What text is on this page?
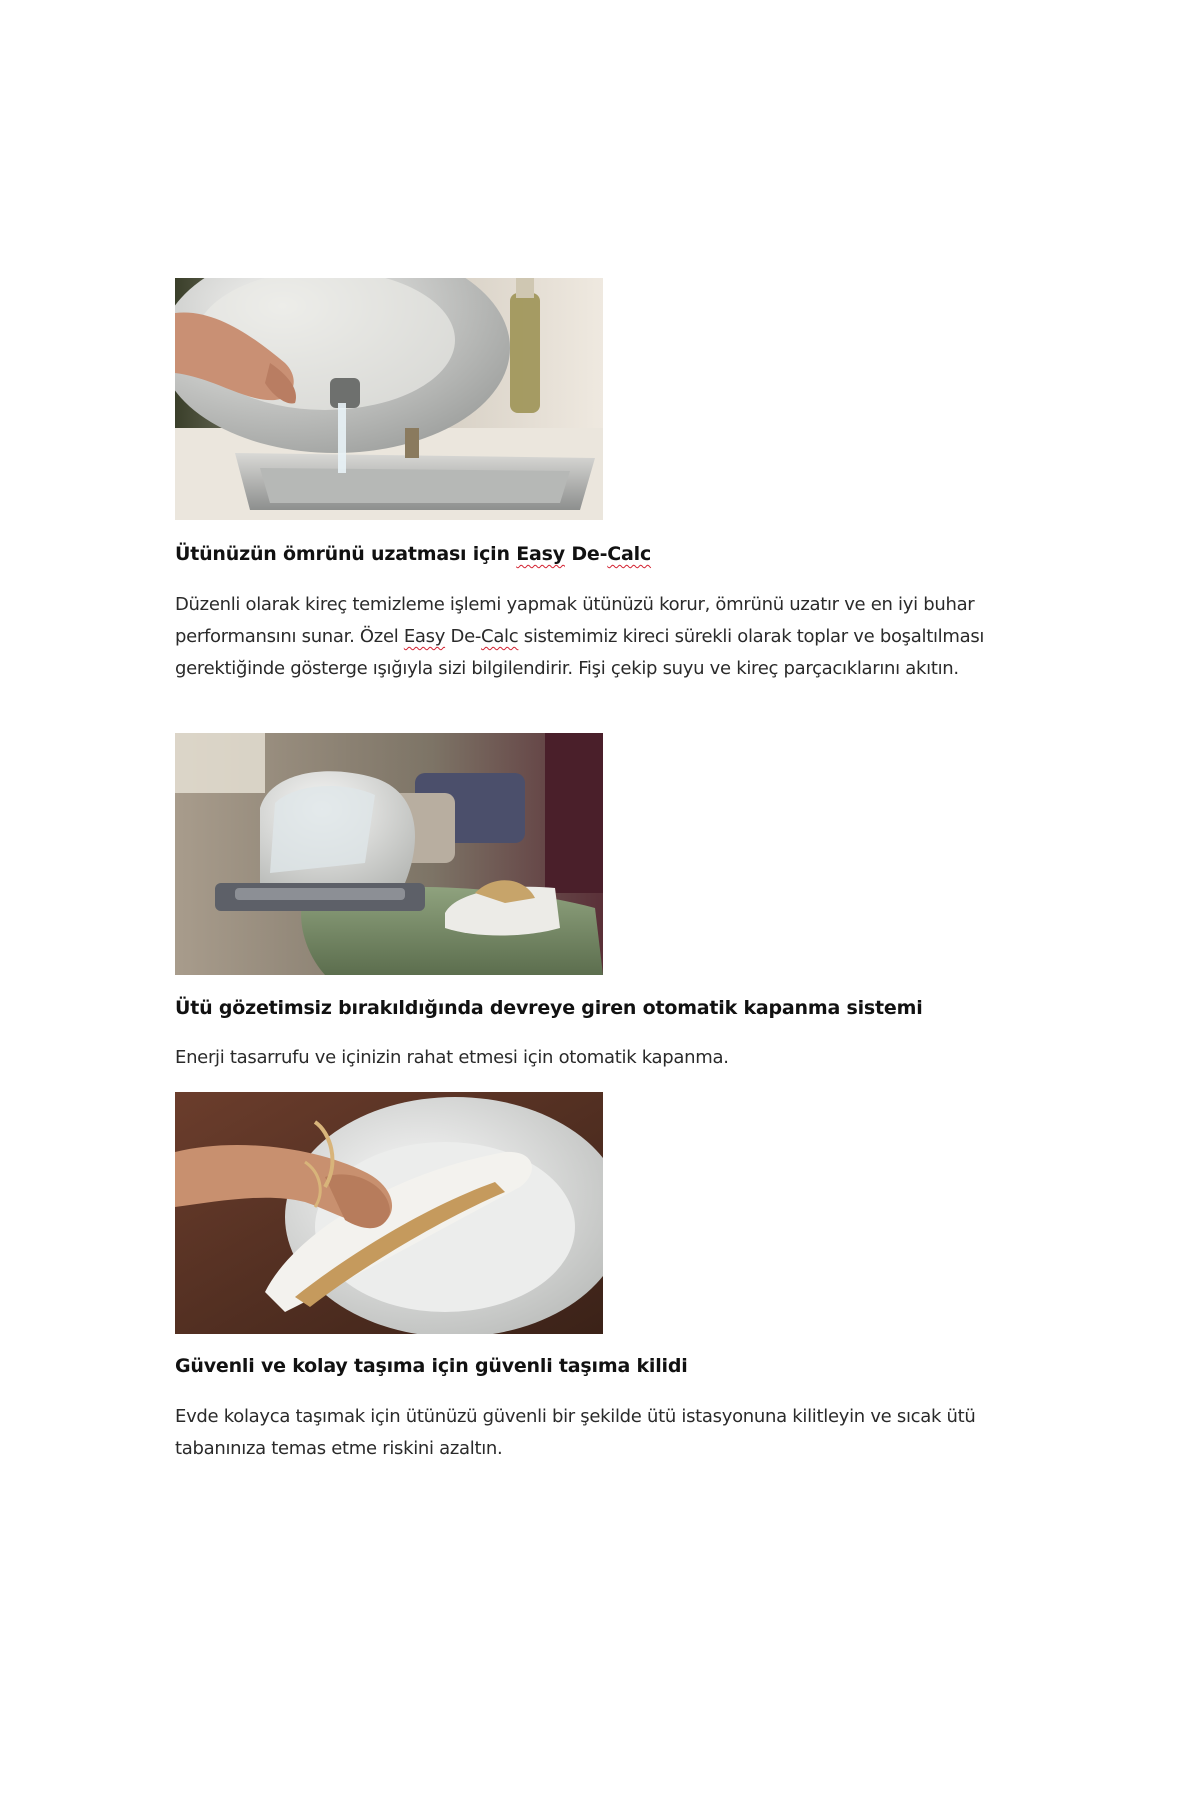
Ütünüzün ömrünü uzatması için Easy De-Calc

Düzenli olarak kireç temizleme işlemi yapmak ütünüzü korur, ömrünü uzatır ve en iyi buhar performansını sunar. Özel Easy De-Calc sistemimiz kireci sürekli olarak toplar ve boşaltılması gerektiğinde gösterge ışığıyla sizi bilgilendirir. Fişi çekip suyu ve kireç parçacıklarını akıtın.

Ütü gözetimsiz bırakıldığında devreye giren otomatik kapanma sistemi

Enerji tasarrufu ve içinizin rahat etmesi için otomatik kapanma.

Güvenli ve kolay taşıma için güvenli taşıma kilidi

Evde kolayca taşımak için ütünüzü güvenli bir şekilde ütü istasyonuna kilitleyin ve sıcak ütü tabanınıza temas etme riskini azaltın.
